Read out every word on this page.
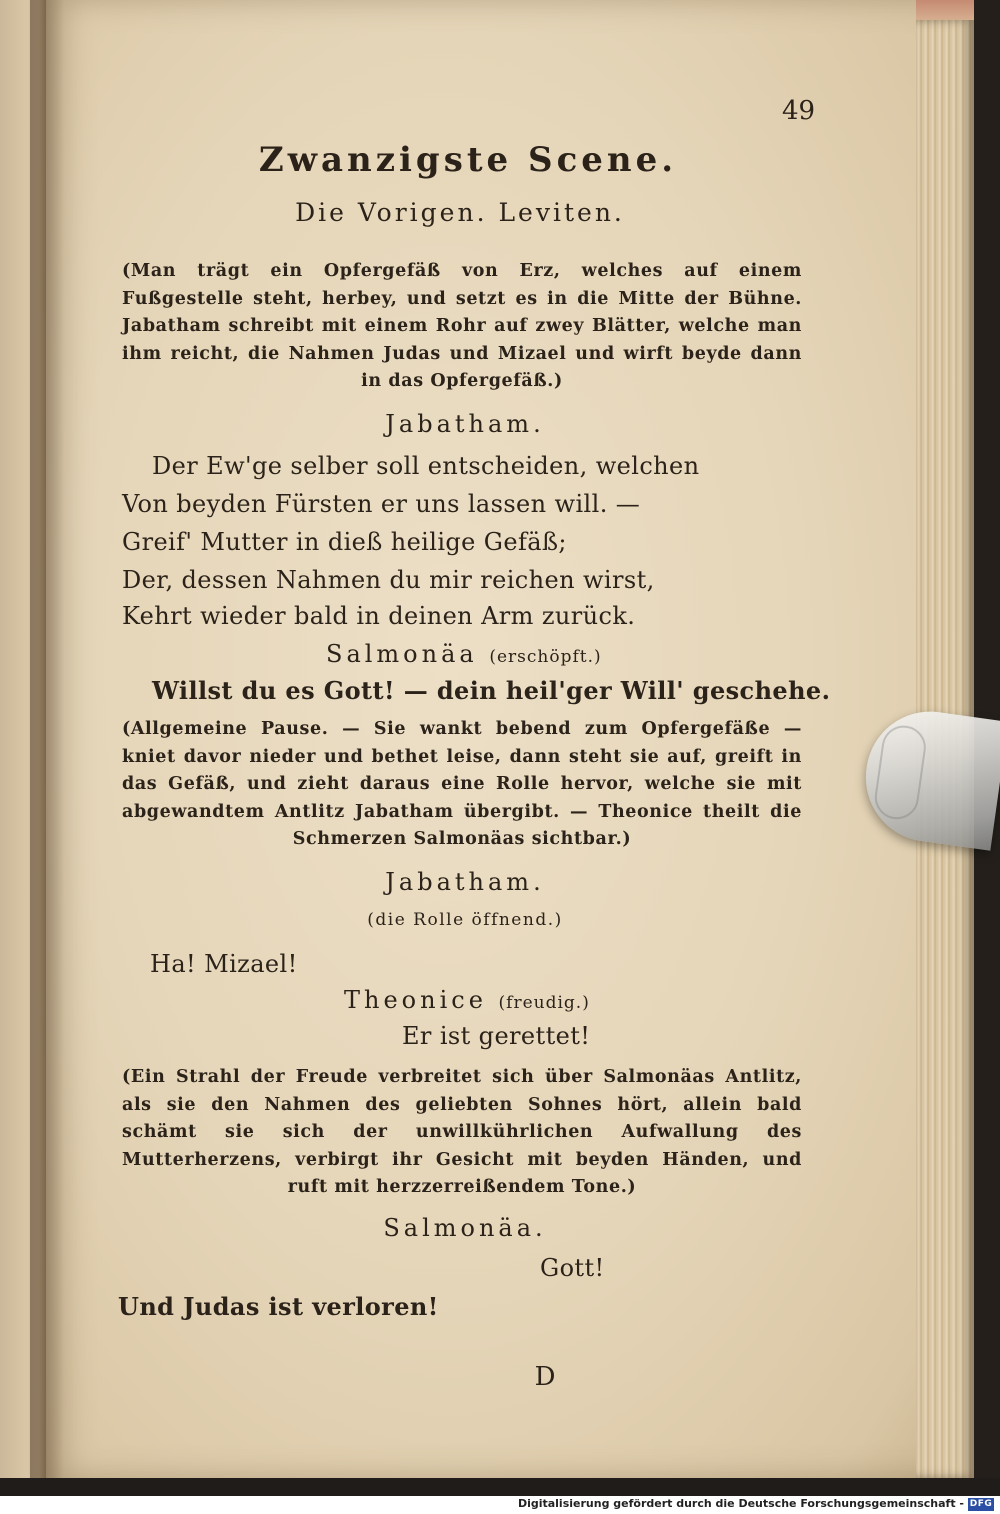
49
Zwanzigste Scene.
Die Vorigen. Leviten.

(Man trägt ein Opfergefäß von Erz, welches auf einem Fußgestelle steht, herbey, und setzt es in die Mitte der Bühne. Jabatham schreibt mit einem Rohr auf zwey Blätter, welche man ihm reicht, die Nahmen Judas und Mizael und wirft beyde dann in das Opfergefäß.)

Jabatham.
Der Ew'ge selber soll entscheiden, welchen
Von beyden Fürsten er uns lassen will. —
Greif' Mutter in dieß heilige Gefäß;
Der, dessen Nahmen du mir reichen wirst,
Kehrt wieder bald in deinen Arm zurück.
Salmonäa (erschöpft.)
Willst du es Gott! — dein heil'ger Will' geschehe.

(Allgemeine Pause. — Sie wankt bebend zum Opfergefäße — kniet davor nieder und bethet leise, dann steht sie auf, greift in das Gefäß, und zieht daraus eine Rolle hervor, welche sie mit abgewandtem Antlitz Jabatham übergibt. — Theonice theilt die Schmerzen Salmonäas sichtbar.)

Jabatham.
(die Rolle öffnend.)
Ha! Mizael!
Theonice (freudig.)
Er ist gerettet!

(Ein Strahl der Freude verbreitet sich über Salmonäas Antlitz, als sie den Nahmen des geliebten Sohnes hört, allein bald schämt sie sich der unwillkührlichen Aufwallung des Mutterherzens, verbirgt ihr Gesicht mit beyden Händen, und ruft mit herzzerreißendem Tone.)

Salmonäa.
Gott!
Und Judas ist verloren!
D
Digitalisierung gefördert durch die Deutsche Forschungsgemeinschaft - DFG
